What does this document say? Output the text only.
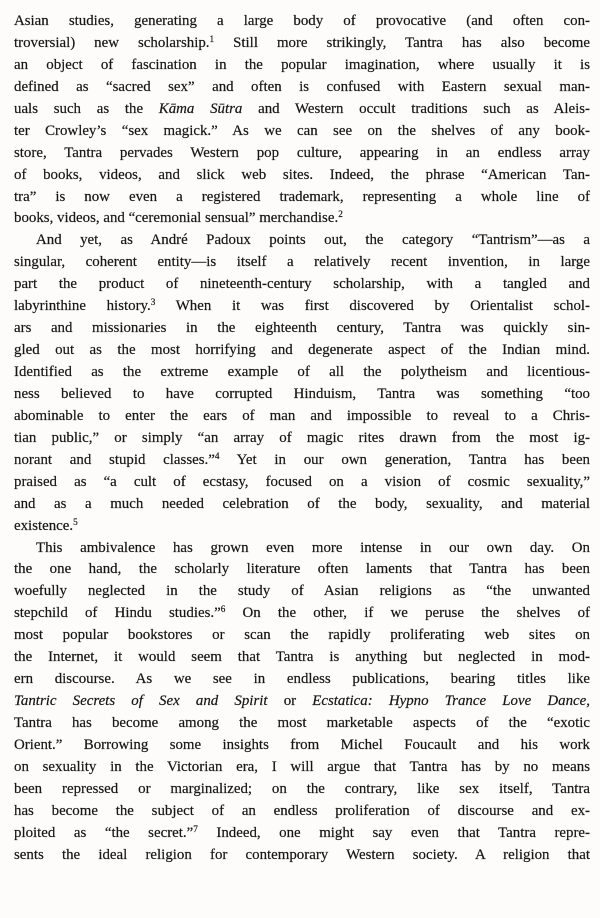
Asian studies, generating a large body of provocative (and often con-
troversial) new scholarship.$^1$ Still more strikingly, Tantra has also become
an object of fascination in the popular imagination, where usually it is
defined as “sacred sex” and often is confused with Eastern sexual man-
uals such as the Kāma Sūtra and Western occult traditions such as Aleis-
ter Crowley’s “sex magick.” As we can see on the shelves of any book-
store, Tantra pervades Western pop culture, appearing in an endless array
of books, videos, and slick web sites. Indeed, the phrase “American Tan-
tra” is now even a registered trademark, representing a whole line of
books, videos, and “ceremonial sensual” merchandise.$^2$
And yet, as André Padoux points out, the category “Tantrism”—as a
singular, coherent entity—is itself a relatively recent invention, in large
part the product of nineteenth-century scholarship, with a tangled and
labyrinthine history.$^3$ When it was first discovered by Orientalist schol-
ars and missionaries in the eighteenth century, Tantra was quickly sin-
gled out as the most horrifying and degenerate aspect of the Indian mind.
Identified as the extreme example of all the polytheism and licentious-
ness believed to have corrupted Hinduism, Tantra was something “too
abominable to enter the ears of man and impossible to reveal to a Chris-
tian public,” or simply “an array of magic rites drawn from the most ig-
norant and stupid classes.”$^4$ Yet in our own generation, Tantra has been
praised as “a cult of ecstasy, focused on a vision of cosmic sexuality,”
and as a much needed celebration of the body, sexuality, and material
existence.$^5$
This ambivalence has grown even more intense in our own day. On
the one hand, the scholarly literature often laments that Tantra has been
woefully neglected in the study of Asian religions as “the unwanted
stepchild of Hindu studies.”$^6$ On the other, if we peruse the shelves of
most popular bookstores or scan the rapidly proliferating web sites on
the Internet, it would seem that Tantra is anything but neglected in mod-
ern discourse. As we see in endless publications, bearing titles like
Tantric Secrets of Sex and Spirit or Ecstatica: Hypno Trance Love Dance,
Tantra has become among the most marketable aspects of the “exotic
Orient.” Borrowing some insights from Michel Foucault and his work
on sexuality in the Victorian era, I will argue that Tantra has by no means
been repressed or marginalized; on the contrary, like sex itself, Tantra
has become the subject of an endless proliferation of discourse and ex-
ploited as “the secret.”$^7$ Indeed, one might say even that Tantra repre-
sents the ideal religion for contemporary Western society. A religion that
